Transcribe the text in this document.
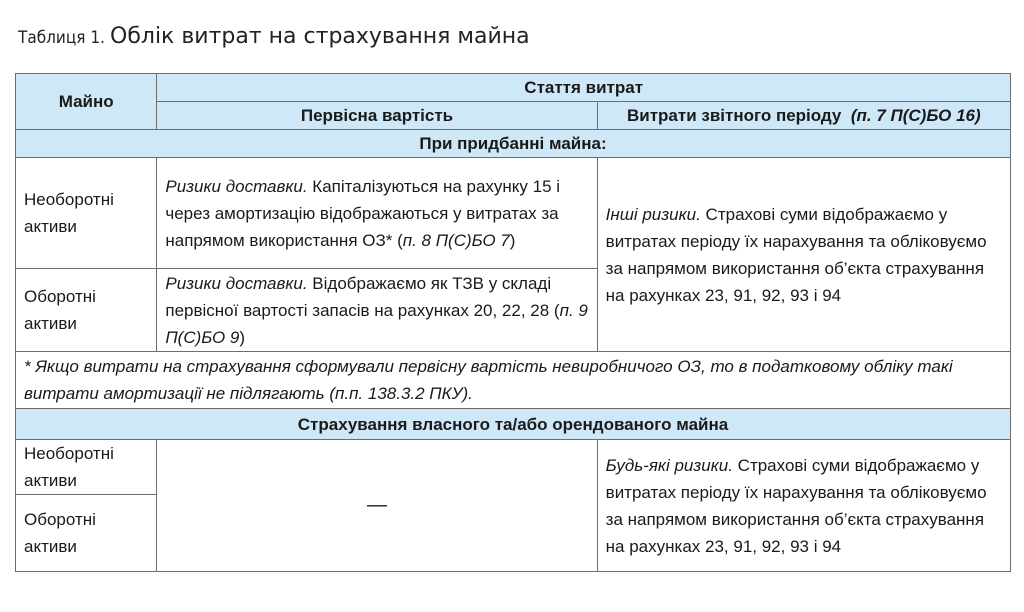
Таблиця 1. Облік витрат на страхування майна
Майно	Стаття витрат	
	Первісна вартість	Витрати звітного періоду (п. 7 П(С)БО 16)
При придбанні майна:		
Необоротні активи	Ризики доставки. Капіталізуються на рахунку 15 і через амортизацію відображаються у витратах за напрямом використання ОЗ* (п. 8 П(С)БО 7)	Інші ризики. Страхові суми відображаємо у витратах періоду їх нарахування та обліковуємо за напрямом використання об’єкта страхування на рахунках 23, 91, 92, 93 і 94
Оборотні активи	Ризики доставки. Відображаємо як ТЗВ у складі первісної вартості запасів на рахунках 20, 22, 28 (п. 9 П(С)БО 9)	
* Якщо витрати на страхування сформували первісну вартість невиробничого ОЗ, то в податковому обліку такі витрати амортизації не підлягають (п.п. 138.3.2 ПКУ).		
Страхування власного та/або орендованого майна		
Необоротні активи	—	Будь-які ризики. Страхові суми відображаємо у витратах періоду їх нарахування та обліковуємо за напрямом використання об’єкта страхування на рахунках 23, 91, 92, 93 і 94
Оборотні активи		
